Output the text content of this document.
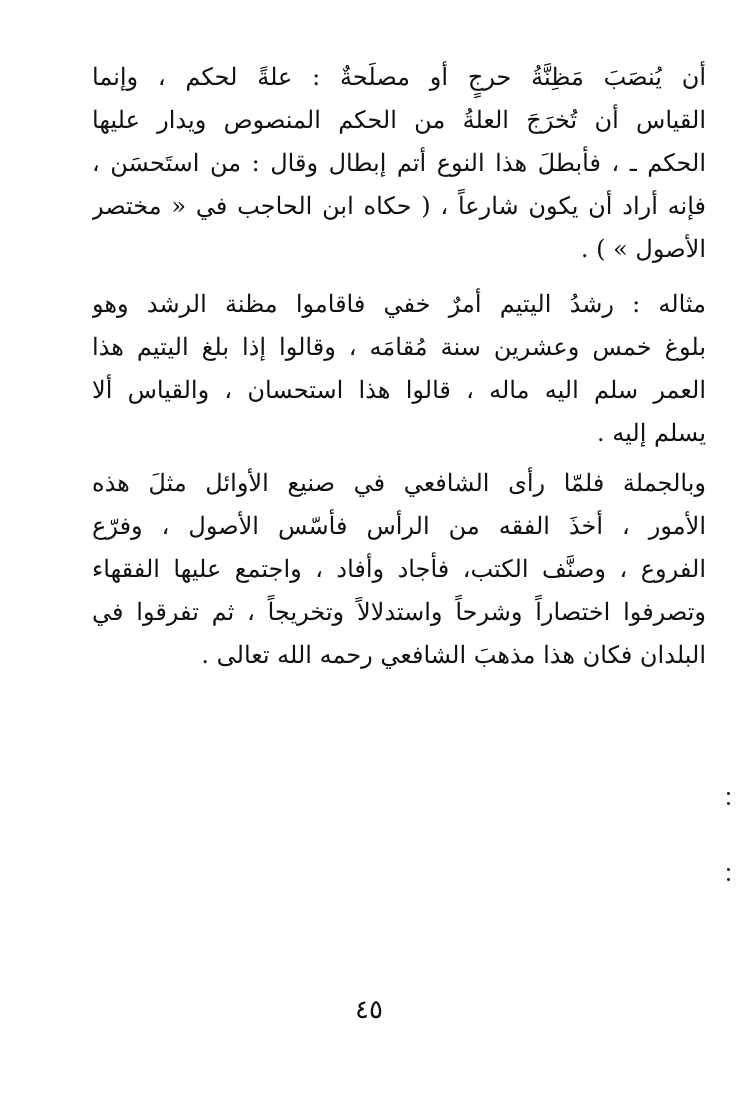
أن يُنصَبَ مَظِنَّةُ حرجٍ أو مصلَحةٌ : علةً لحكم ، وإنما
القياس أن تُخرَجَ العلةُ من الحكم المنصوص ويدار عليها
الحكم ـ ، فأبطلَ هذا النوع أتم إبطال وقال : من استَحسَن ،
فإنه أراد أن يكون شارعاً ، ( حكاه ابن الحاجب في « مختصر
الأصول » ) .
مثاله : رشدُ اليتيم أمرٌ خفي فاقاموا مظنة الرشد وهو
بلوغ خمس وعشرين سنة مُقامَه ، وقالوا إذا بلغ اليتيم هذا
العمر سلم اليه ماله ، قالوا هذا استحسان ، والقياس ألا
يسلم إليه .
وبالجملة فلمّا رأى الشافعي في صنيع الأوائل مثلَ هذه
الأمور ، أخذَ الفقه من الرأس فأسّس الأصول ، وفرّع
الفروع ، وصنَّف الكتب، فأجاد وأفاد ، واجتمع عليها الفقهاء
وتصرفوا اختصاراً وشرحاً واستدلالاً وتخريجاً ، ثم تفرقوا في
البلدان فكان هذا مذهبَ الشافعي رحمه الله تعالى .
٤٥
